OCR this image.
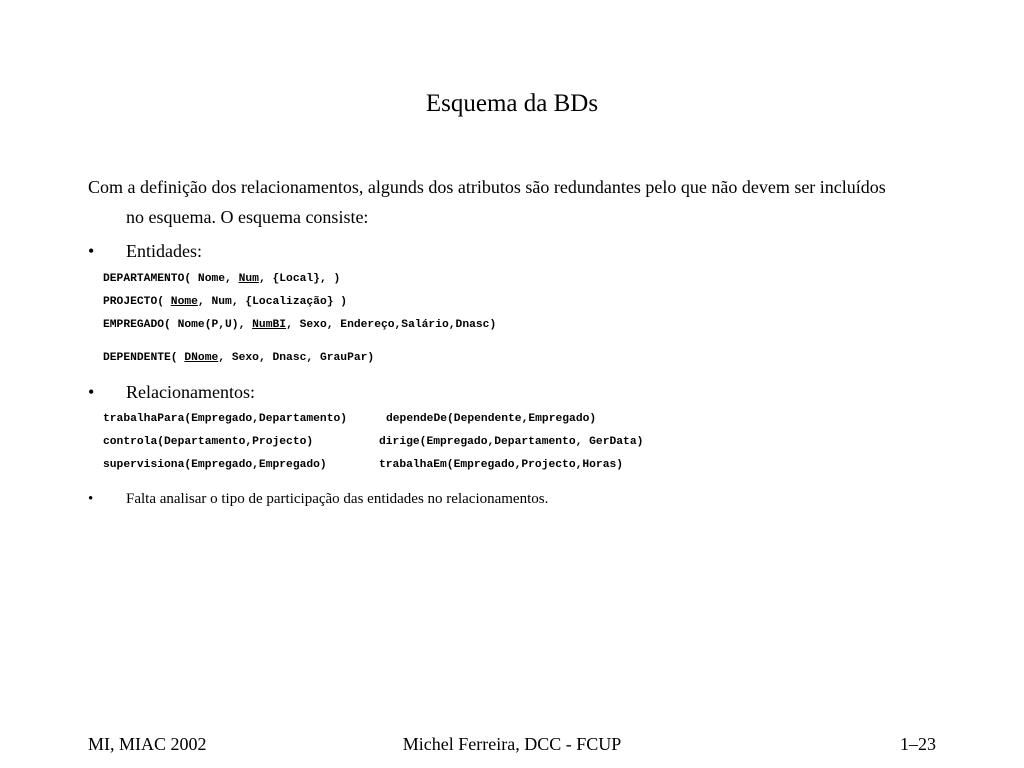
Esquema da BDs
Com a definição dos relacionamentos, algunds dos atributos são redundantes pelo que não devem ser incluídos no esquema. O esquema consiste:
• Entidades:
DEPARTAMENTO( Nome, Num, {Local}, )
PROJECTO( Nome, Num, {Localização} )
EMPREGADO( Nome(P,U), NumBI, Sexo, Endereço,Salário,Dnasc)
DEPENDENTE( DNome, Sexo, Dnasc, GrauPar)
• Relacionamentos:
trabalhaPara(Empregado,Departamento)	dependeDe(Dependente,Empregado)
controla(Departamento,Projecto)	dirige(Empregado,Departamento, GerData)
supervisiona(Empregado,Empregado)	trabalhaEm(Empregado,Projecto,Horas)
• Falta analisar o tipo de participação das entidades no relacionamentos.
MI, MIAC 2002	Michel Ferreira, DCC - FCUP	1–23
